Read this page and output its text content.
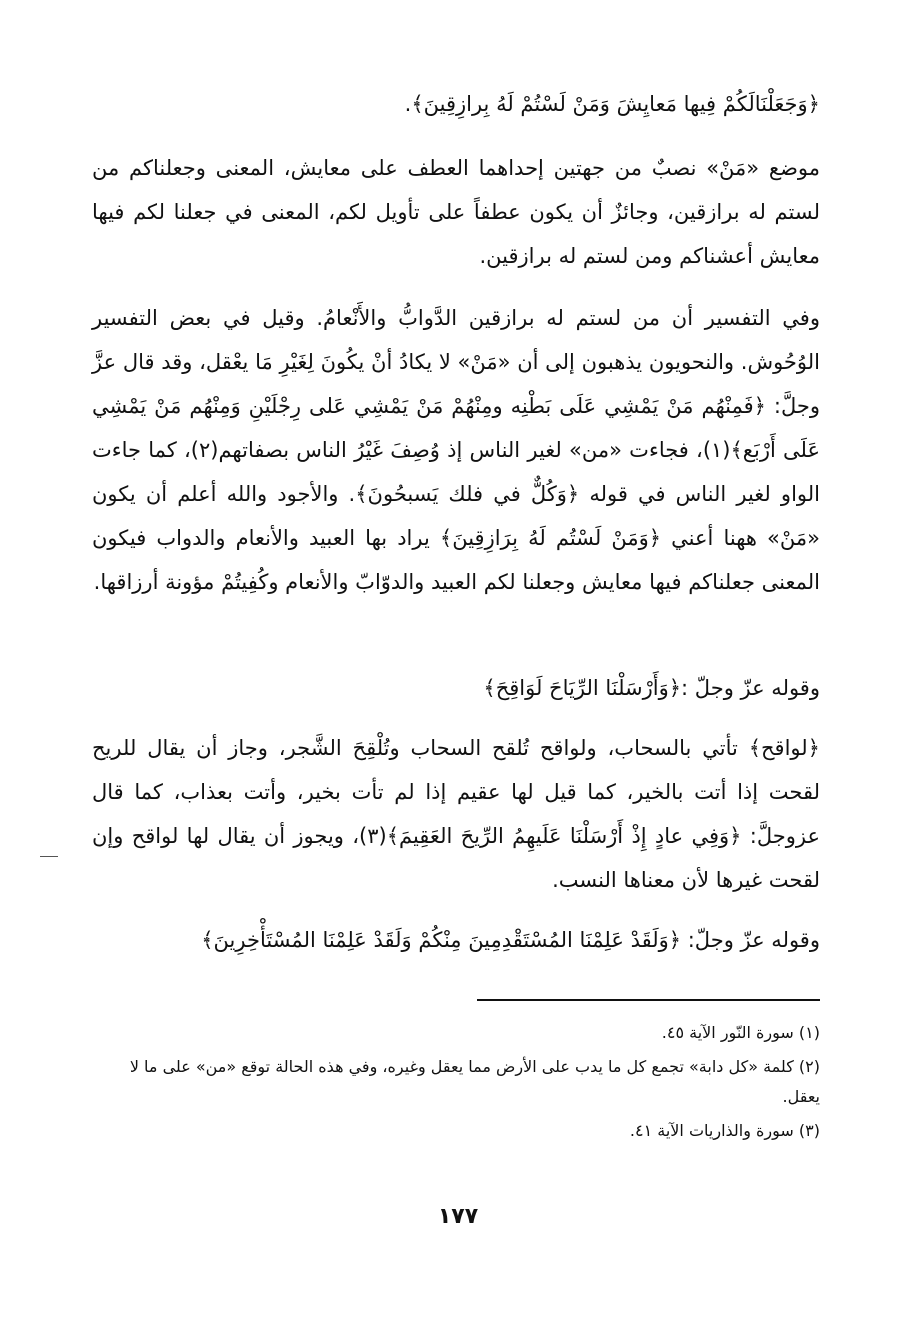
﴿وَجَعَلْنَالَكُمْ فِيها مَعايِشَ وَمَنْ لَسْتُمْ لَهُ بِرازِقِينَ﴾.

موضع «مَنْ» نصبٌ من جهتين إحداهما العطف على معايش، المعنى وجعلناكم من لستم له برازقين، وجائزٌ أن يكون عطفاً على تأويل لكم، المعنى في جعلنا لكم فيها معايش أعشناكم ومن لستم له برازقين.

وفي التفسير أن من لستم له برازقين الدَّوابُّ والأَنْعامُ. وقيل في بعض التفسير الوُحُوش. والنحويون يذهبون إلى أن «مَنْ» لا يكادُ أنْ يكُونَ لِغَيْرِ مَا يعْقل، وقد قال عزَّ وجلَّ: ﴿فَمِنْهُم مَنْ يَمْشِي عَلَى بَطْنِه ومِنْهُمْ مَنْ يَمْشِي عَلى رِجْلَيْنِ وَمِنْهُم مَنْ يَمْشِي عَلَى أَرْبَع﴾(١)، فجاءت «من» لغير الناس إذ وُصِفَ غَيْرُ الناس بصفاتهم(٢)، كما جاءت الواو لغير الناس في قوله ﴿وَكُلٌّ في فلك يَسبحُونَ﴾. والأجود والله أعلم أن يكون «مَنْ» ههنا أعني ﴿وَمَنْ لَسْتُم لَهُ بِرَازِقِينَ﴾ يراد بها العبيد والأنعام والدواب فيكون المعنى جعلناكم فيها معايش وجعلنا لكم العبيد والدوّابّ والأنعام وكُفِيتُمْ مؤونة أرزاقها.

وقوله عزّ وجلّ :﴿وَأَرْسَلْنَا الرِّيَاحَ لَوَاقِحَ﴾

﴿لواقح﴾ تأتي بالسحاب، ولواقح تُلقح السحاب وتُلْقِحَ الشَّجر، وجاز أن يقال للريح لقحت إذا أتت بالخير، كما قيل لها عقيم إذا لم تأت بخير، وأتت بعذاب، كما قال عزوجلَّ: ﴿وَفِي عادٍ إِذْ أَرْسَلْنَا عَلَيهِمُ الرِّيحَ العَقِيمَ﴾(٣)، ويجوز أن يقال لها لواقح وإن لقحت غيرها لأن معناها النسب.

وقوله عزّ وجلّ: ﴿وَلَقَدْ عَلِمْنَا المُسْتَقْدِمِينَ مِنْكُمْ وَلَقَدْ عَلِمْنَا المُسْتَأْخِرِينَ﴾

(١) سورة النّور الآية ٤٥.
(٢) كلمة «كل دابة» تجمع كل ما يدب على الأرض مما يعقل وغيره، وفي هذه الحالة توقع «من» على ما لا يعقل.
(٣) سورة والذاريات الآية ٤١.
١٧٧
